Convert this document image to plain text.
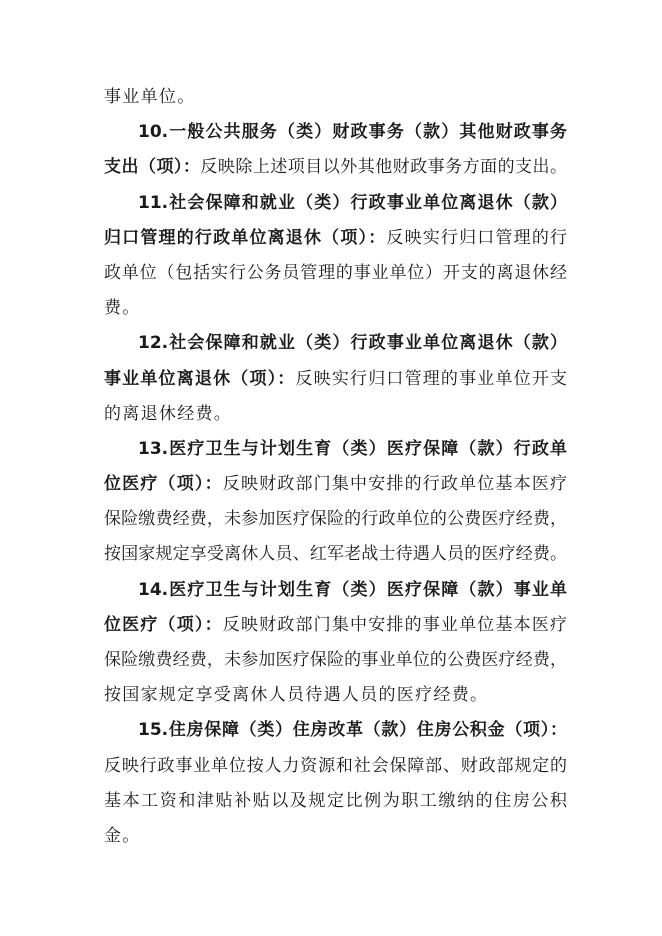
事业单位。
10.一般公共服务（类）财政事务（款）其他财政事务
支出（项）：反映除上述项目以外其他财政事务方面的支出。
11.社会保障和就业（类）行政事业单位离退休（款）
归口管理的行政单位离退休（项）：反映实行归口管理的行
政单位（包括实行公务员管理的事业单位）开支的离退休经
费。
12.社会保障和就业（类）行政事业单位离退休（款）
事业单位离退休（项）：反映实行归口管理的事业单位开支
的离退休经费。
13.医疗卫生与计划生育（类）医疗保障（款）行政单
位医疗（项）：反映财政部门集中安排的行政单位基本医疗
保险缴费经费，未参加医疗保险的行政单位的公费医疗经费，
按国家规定享受离休人员、红军老战士待遇人员的医疗经费。
14.医疗卫生与计划生育（类）医疗保障（款）事业单
位医疗（项）：反映财政部门集中安排的事业单位基本医疗
保险缴费经费，未参加医疗保险的事业单位的公费医疗经费，
按国家规定享受离休人员待遇人员的医疗经费。
15.住房保障（类）住房改革（款）住房公积金（项）：
反映行政事业单位按人力资源和社会保障部、财政部规定的
基本工资和津贴补贴以及规定比例为职工缴纳的住房公积
金。
